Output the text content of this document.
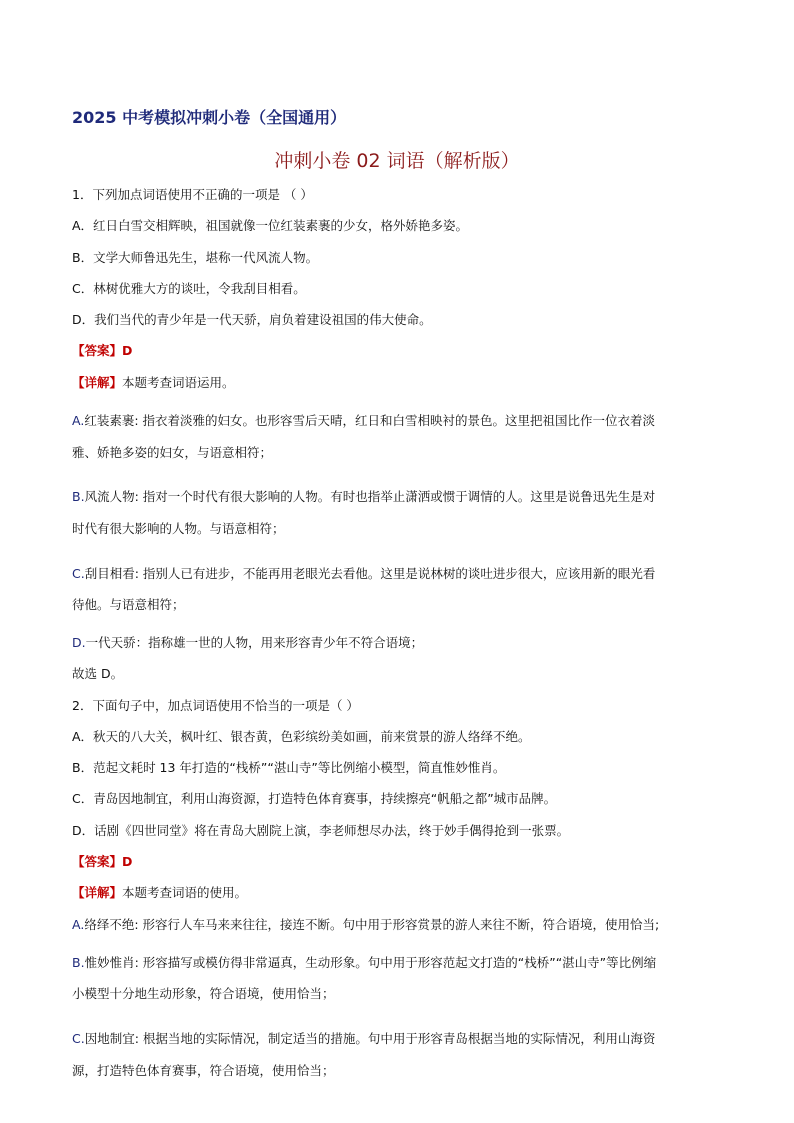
2025 中考模拟冲刺小卷（全国通用）
冲刺小卷 02 词语（解析版）
1．下列加点词语使用不正确的一项是 （ ）
A．红日白雪交相辉映，祖国就像一位红装素裹的少女，格外娇艳多姿。
B．文学大师鲁迅先生，堪称一代风流人物。
C．林树优雅大方的谈吐，令我刮目相看。
D．我们当代的青少年是一代天骄，肩负着建设祖国的伟大使命。
【答案】D
【详解】本题考查词语运用。
A.红装素裹: 指衣着淡雅的妇女。也形容雪后天晴，红日和白雪相映衬的景色。这里把祖国比作一位衣着淡
雅、娇艳多姿的妇女，与语意相符；
B.风流人物: 指对一个时代有很大影响的人物。有时也指举止潇洒或惯于调情的人。这里是说鲁迅先生是对
时代有很大影响的人物。与语意相符；
C.刮目相看: 指别人已有进步，不能再用老眼光去看他。这里是说林树的谈吐进步很大，应该用新的眼光看
待他。与语意相符；
D.一代天骄：指称雄一世的人物，用来形容青少年不符合语境；
故选 D。
2．下面句子中，加点词语使用不恰当的一项是（ ）
A．秋天的八大关，枫叶红、银杏黄，色彩缤纷美如画，前来赏景的游人络绎不绝。
B．范起文耗时 13 年打造的“栈桥”“湛山寺”等比例缩小模型，简直惟妙惟肖。
C．青岛因地制宜，利用山海资源，打造特色体育赛事，持续擦亮“帆船之都”城市品牌。
D．话剧《四世同堂》将在青岛大剧院上演，李老师想尽办法，终于妙手偶得抢到一张票。
【答案】D
【详解】本题考查词语的使用。
A.络绎不绝: 形容行人车马来来往往，接连不断。句中用于形容赏景的游人来往不断，符合语境，使用恰当;
B.惟妙惟肖: 形容描写或模仿得非常逼真，生动形象。句中用于形容范起文打造的“栈桥”“湛山寺”等比例缩
小模型十分地生动形象，符合语境，使用恰当；
C.因地制宜: 根据当地的实际情况，制定适当的措施。句中用于形容青岛根据当地的实际情况，利用山海资
源，打造特色体育赛事，符合语境，使用恰当；
